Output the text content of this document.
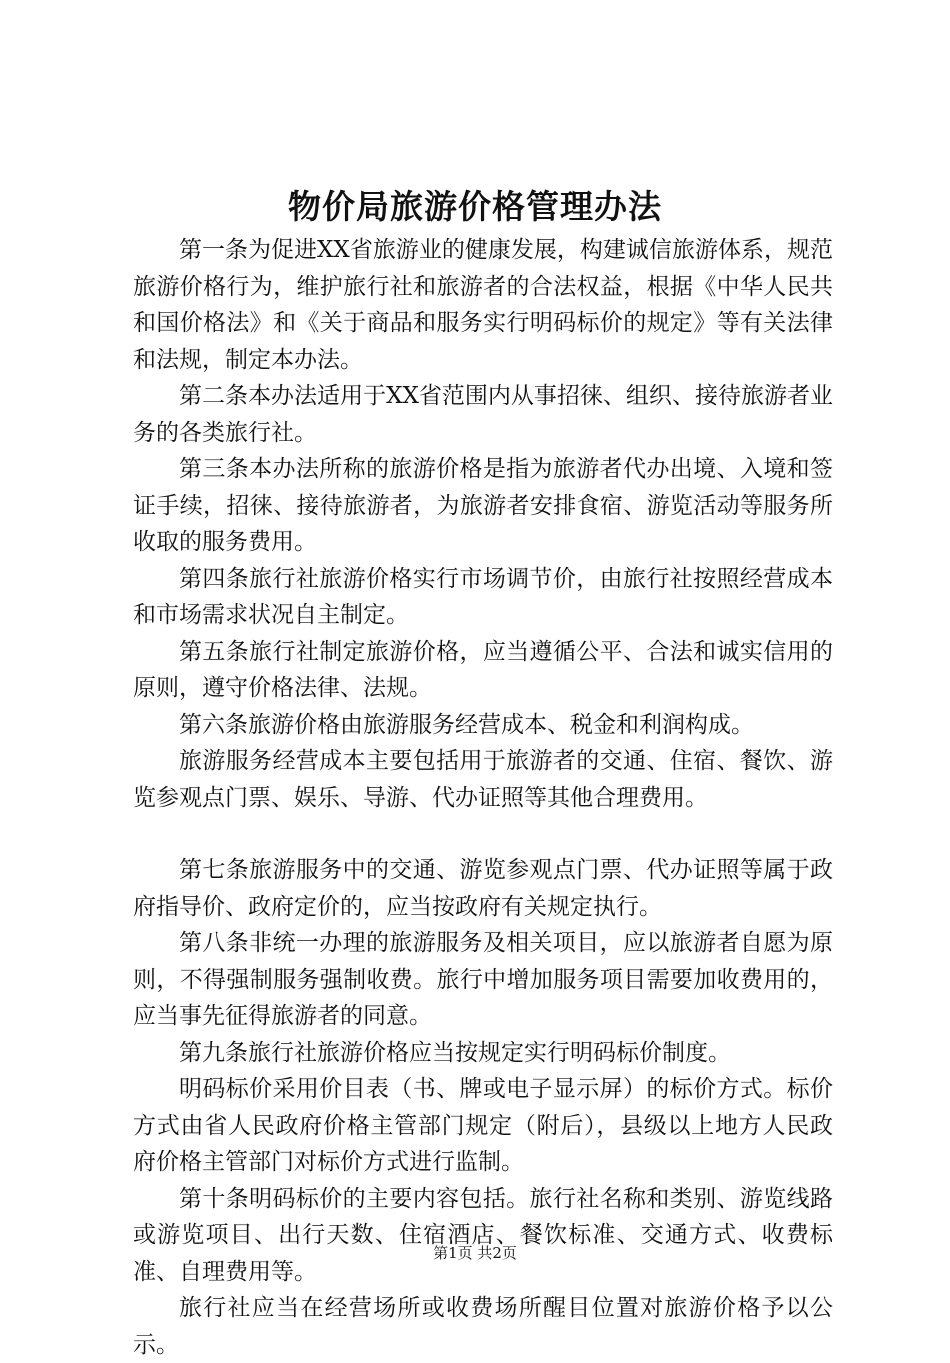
物价局旅游价格管理办法

第一条为促进XX省旅游业的健康发展，构建诚信旅游体系，规范旅游价格行为，维护旅行社和旅游者的合法权益，根据《中华人民共和国价格法》和《关于商品和服务实行明码标价的规定》等有关法律和法规，制定本办法。

第二条本办法适用于XX省范围内从事招徕、组织、接待旅游者业务的各类旅行社。

第三条本办法所称的旅游价格是指为旅游者代办出境、入境和签证手续，招徕、接待旅游者，为旅游者安排食宿、游览活动等服务所收取的服务费用。

第四条旅行社旅游价格实行市场调节价，由旅行社按照经营成本和市场需求状况自主制定。

第五条旅行社制定旅游价格，应当遵循公平、合法和诚实信用的原则，遵守价格法律、法规。

第六条旅游价格由旅游服务经营成本、税金和利润构成。

旅游服务经营成本主要包括用于旅游者的交通、住宿、餐饮、游览参观点门票、娱乐、导游、代办证照等其他合理费用。

第七条旅游服务中的交通、游览参观点门票、代办证照等属于政府指导价、政府定价的，应当按政府有关规定执行。

第八条非统一办理的旅游服务及相关项目，应以旅游者自愿为原则，不得强制服务强制收费。旅行中增加服务项目需要加收费用的，应当事先征得旅游者的同意。

第九条旅行社旅游价格应当按规定实行明码标价制度。

明码标价采用价目表（书、牌或电子显示屏）的标价方式。标价方式由省人民政府价格主管部门规定（附后），县级以上地方人民政府价格主管部门对标价方式进行监制。

第十条明码标价的主要内容包括。旅行社名称和类别、游览线路或游览项目、出行天数、住宿酒店、餐饮标准、交通方式、收费标准、自理费用等。

旅行社应当在经营场所或收费场所醒目位置对旅游价格予以公示。

第1页 共2页
